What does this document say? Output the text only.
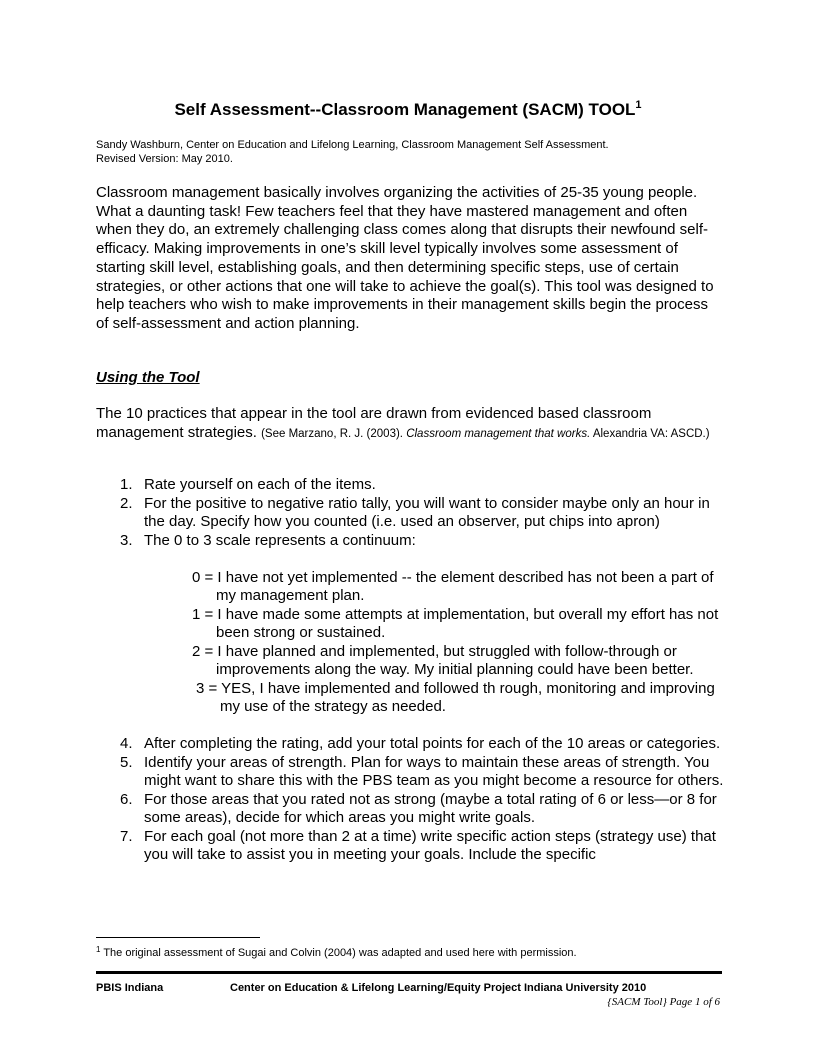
Self Assessment--Classroom Management (SACM) TOOL$^1$
Sandy Washburn, Center on Education and Lifelong Learning, Classroom Management Self Assessment.
Revised Version: May 2010.
Classroom management basically involves organizing the activities of 25-35 young people. What a daunting task! Few teachers feel that they have mastered management and often when they do, an extremely challenging class comes along that disrupts their newfound self-efficacy. Making improvements in one’s skill level typically involves some assessment of starting skill level, establishing goals, and then determining specific steps, use of certain strategies, or other actions that one will take to achieve the goal(s). This tool was designed to help teachers who wish to make improvements in their management skills begin the process of self-assessment and action planning.
Using the Tool
The 10 practices that appear in the tool are drawn from evidenced based classroom management strategies. (See Marzano, R. J. (2003). Classroom management that works. Alexandria VA: ASCD.)
1. Rate yourself on each of the items.
2. For the positive to negative ratio tally, you will want to consider maybe only an hour in the day. Specify how you counted (i.e. used an observer, put chips into apron)
3. The 0 to 3 scale represents a continuum:
0 = I have not yet implemented -- the element described has not been a part of my management plan.
1 = I have made some attempts at implementation, but overall my effort has not been strong or sustained.
2 = I have planned and implemented, but struggled with follow-through or improvements along the way. My initial planning could have been better.
3 = YES, I have implemented and followed th rough, monitoring and improving my use of the strategy as needed.
4. After completing the rating, add your total points for each of the 10 areas or categories.
5. Identify your areas of strength. Plan for ways to maintain these areas of strength. You might want to share this with the PBS team as you might become a resource for others.
6. For those areas that you rated not as strong (maybe a total rating of 6 or less—or 8 for some areas), decide for which areas you might write goals.
7. For each goal (not more than 2 at a time) write specific action steps (strategy use) that you will take to assist you in meeting your goals. Include the specific
$^1$ The original assessment of Sugai and Colvin (2004) was adapted and used here with permission.
PBIS Indiana	Center on Education & Lifelong Learning/Equity Project Indiana University 2010
{SACM Tool} Page 1 of 6
